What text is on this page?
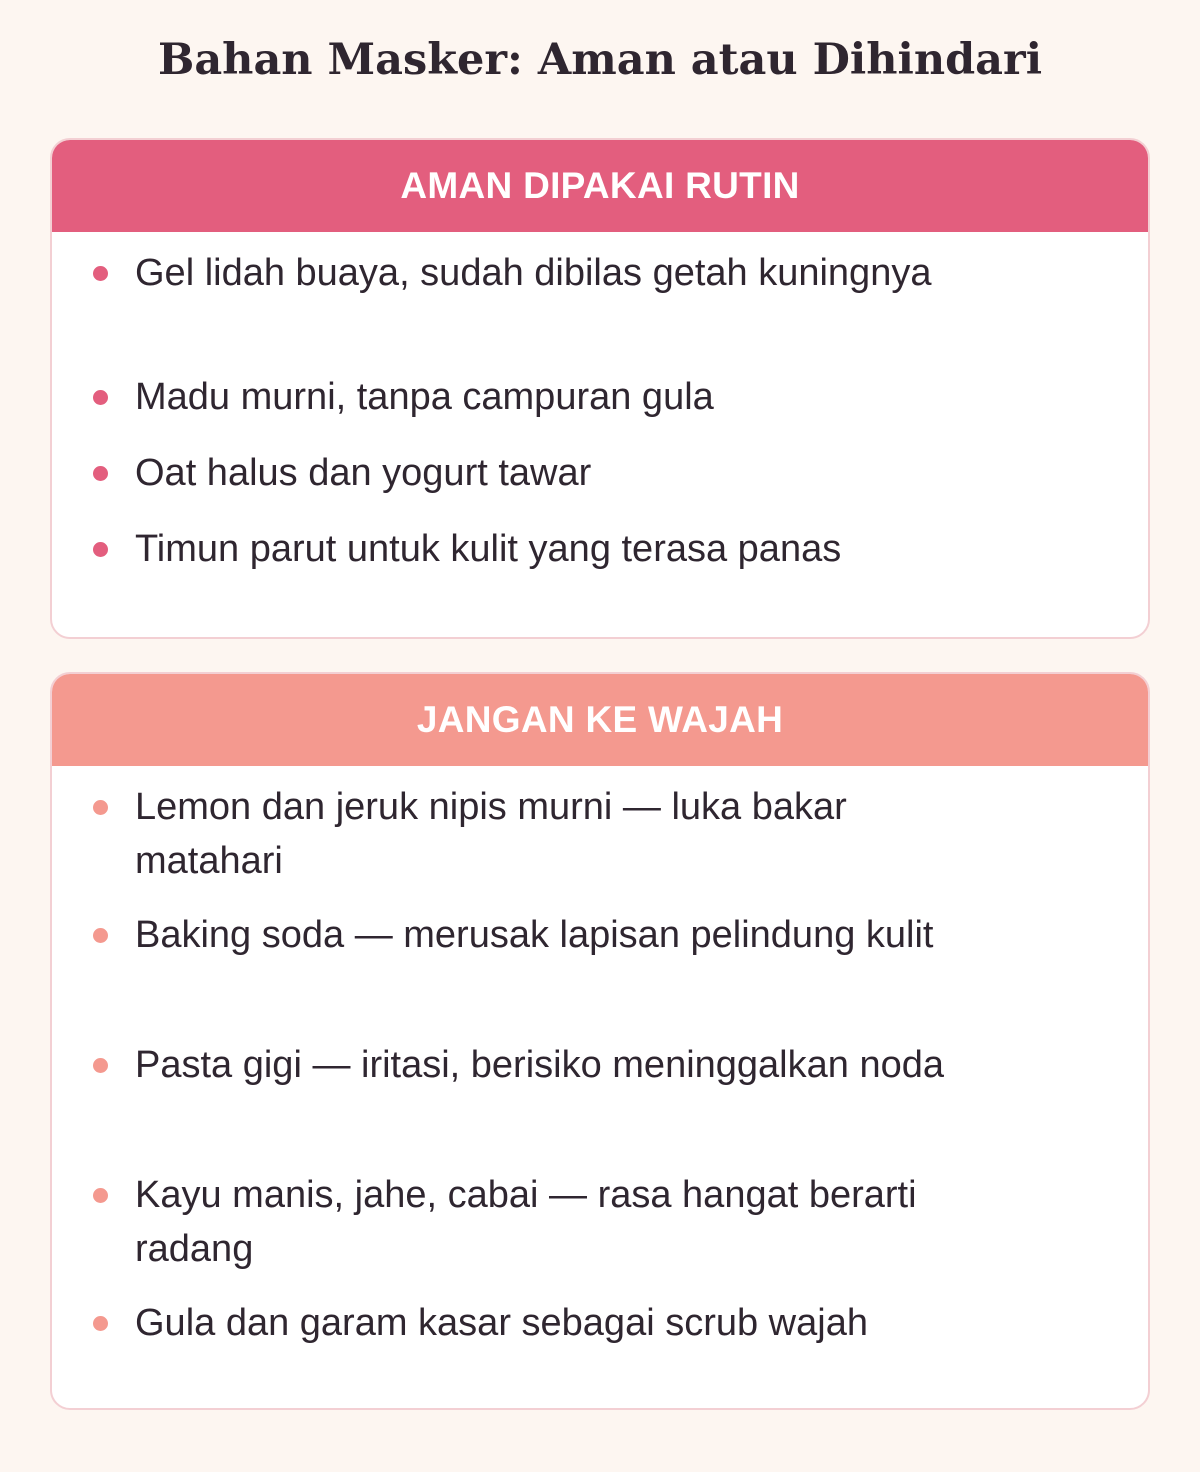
Bahan Masker: Aman atau Dihindari
AMAN DIPAKAI RUTIN
Gel lidah buaya, sudah dibilas getah kuningnya
Madu murni, tanpa campuran gula
Oat halus dan yogurt tawar
Timun parut untuk kulit yang terasa panas
JANGAN KE WAJAH
Lemon dan jeruk nipis murni — luka bakar matahari
Baking soda — merusak lapisan pelindung kulit
Pasta gigi — iritasi, berisiko meninggalkan noda
Kayu manis, jahe, cabai — rasa hangat berarti radang
Gula dan garam kasar sebagai scrub wajah
